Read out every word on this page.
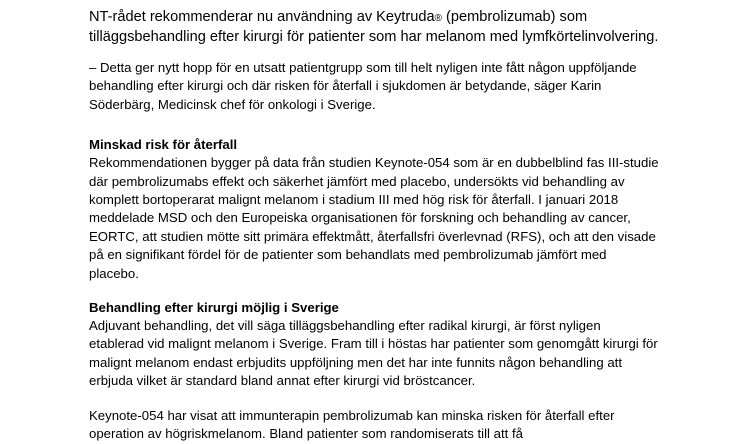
NT-rådet rekommenderar nu användning av Keytruda® (pembrolizumab) som tilläggsbehandling efter kirurgi för patienter som har melanom med lymfkörtelinvolvering.

– Detta ger nytt hopp för en utsatt patientgrupp som till helt nyligen inte fått någon uppföljande behandling efter kirurgi och där risken för återfall i sjukdomen är betydande, säger Karin Söderbärg, Medicinsk chef för onkologi i Sverige.

Minskad risk för återfall

Rekommendationen bygger på data från studien Keynote-054 som är en dubbelblind fas III-studie där pembrolizumabs effekt och säkerhet jämfört med placebo, undersökts vid behandling av komplett bortoperarat malignt melanom i stadium III med hög risk för återfall. I januari 2018 meddelade MSD och den Europeiska organisationen för forskning och behandling av cancer, EORTC, att studien mötte sitt primära effektmått, återfallsfri överlevnad (RFS), och att den visade på en signifikant fördel för de patienter som behandlats med pembrolizumab jämfört med placebo.

Behandling efter kirurgi möjlig i Sverige

Adjuvant behandling, det vill säga tilläggsbehandling efter radikal kirurgi, är först nyligen etablerad vid malignt melanom i Sverige. Fram till i höstas har patienter som genomgått kirurgi för malignt melanom endast erbjudits uppföljning men det har inte funnits någon behandling att erbjuda vilket är standard bland annat efter kirurgi vid bröstcancer.

Keynote-054 har visat att immunterapin pembrolizumab kan minska risken för återfall efter operation av högriskmelanom. Bland patienter som randomiserats till att få
